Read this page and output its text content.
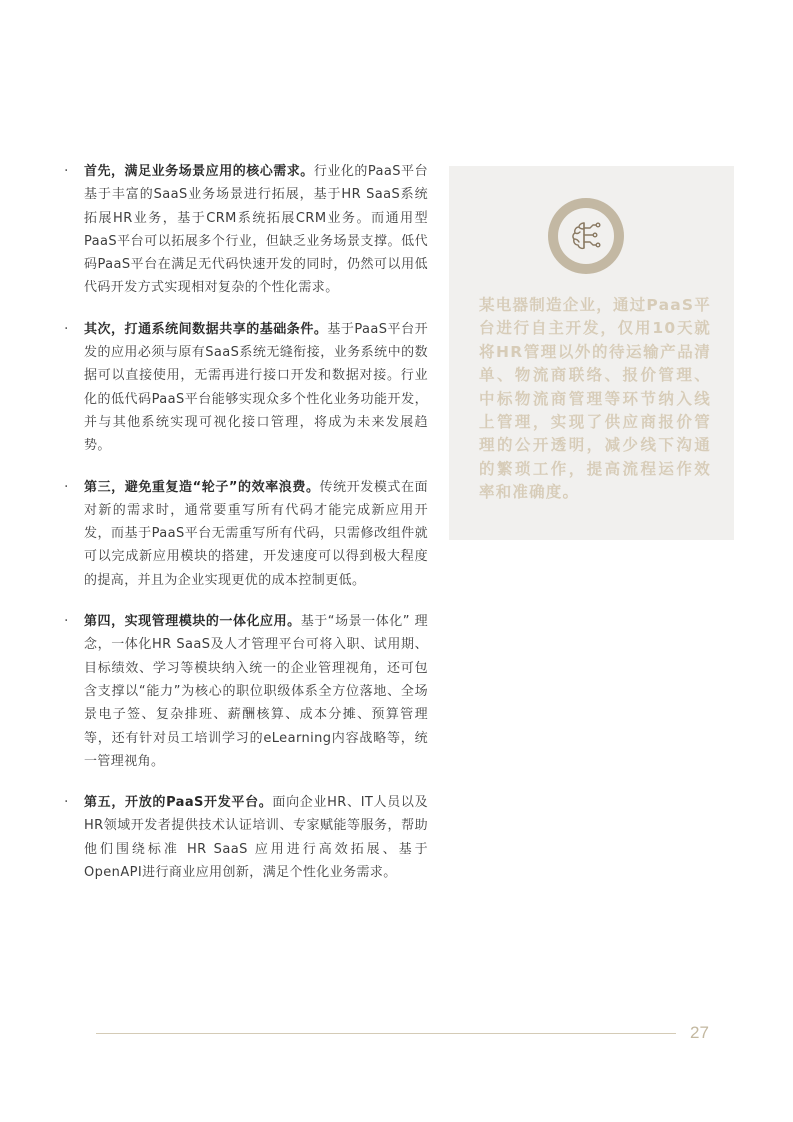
· 首先，满足业务场景应用的核心需求。行业化的PaaS平台基于丰富的SaaS业务场景进行拓展，基于HR SaaS系统拓展HR业务，基于CRM系统拓展CRM业务。而通用型PaaS平台可以拓展多个行业，但缺乏业务场景支撑。低代码PaaS平台在满足无代码快速开发的同时，仍然可以用低代码开发方式实现相对复杂的个性化需求。

· 其次，打通系统间数据共享的基础条件。基于PaaS平台开发的应用必须与原有SaaS系统无缝衔接，业务系统中的数据可以直接使用，无需再进行接口开发和数据对接。行业化的低代码PaaS平台能够实现众多个性化业务功能开发，并与其他系统实现可视化接口管理，将成为未来发展趋势。

· 第三，避免重复造“轮子”的效率浪费。传统开发模式在面对新的需求时，通常要重写所有代码才能完成新应用开发，而基于PaaS平台无需重写所有代码，只需修改组件就可以完成新应用模块的搭建，开发速度可以得到极大程度的提高，并且为企业实现更优的成本控制更低。

· 第四，实现管理模块的一体化应用。基于“场景一体化” 理念，一体化HR SaaS及人才管理平台可将入职、试用期、目标绩效、学习等模块纳入统一的企业管理视角，还可包含支撑以“能力”为核心的职位职级体系全方位落地、全场景电子签、复杂排班、薪酬核算、成本分摊、预算管理等，还有针对员工培训学习的eLearning内容战略等，统一管理视角。

· 第五，开放的PaaS开发平台。面向企业HR、IT人员以及HR领域开发者提供技术认证培训、专家赋能等服务，帮助他们围绕标准 HR SaaS 应用进行高效拓展、基于OpenAPI进行商业应用创新，满足个性化业务需求。

某电器制造企业，通过PaaS平台进行自主开发，仅用10天就将HR管理以外的待运输产品清单、物流商联络、报价管理、中标物流商管理等环节纳入线上管理，实现了供应商报价管理的公开透明，减少线下沟通的繁琐工作，提高流程运作效率和准确度。

27
